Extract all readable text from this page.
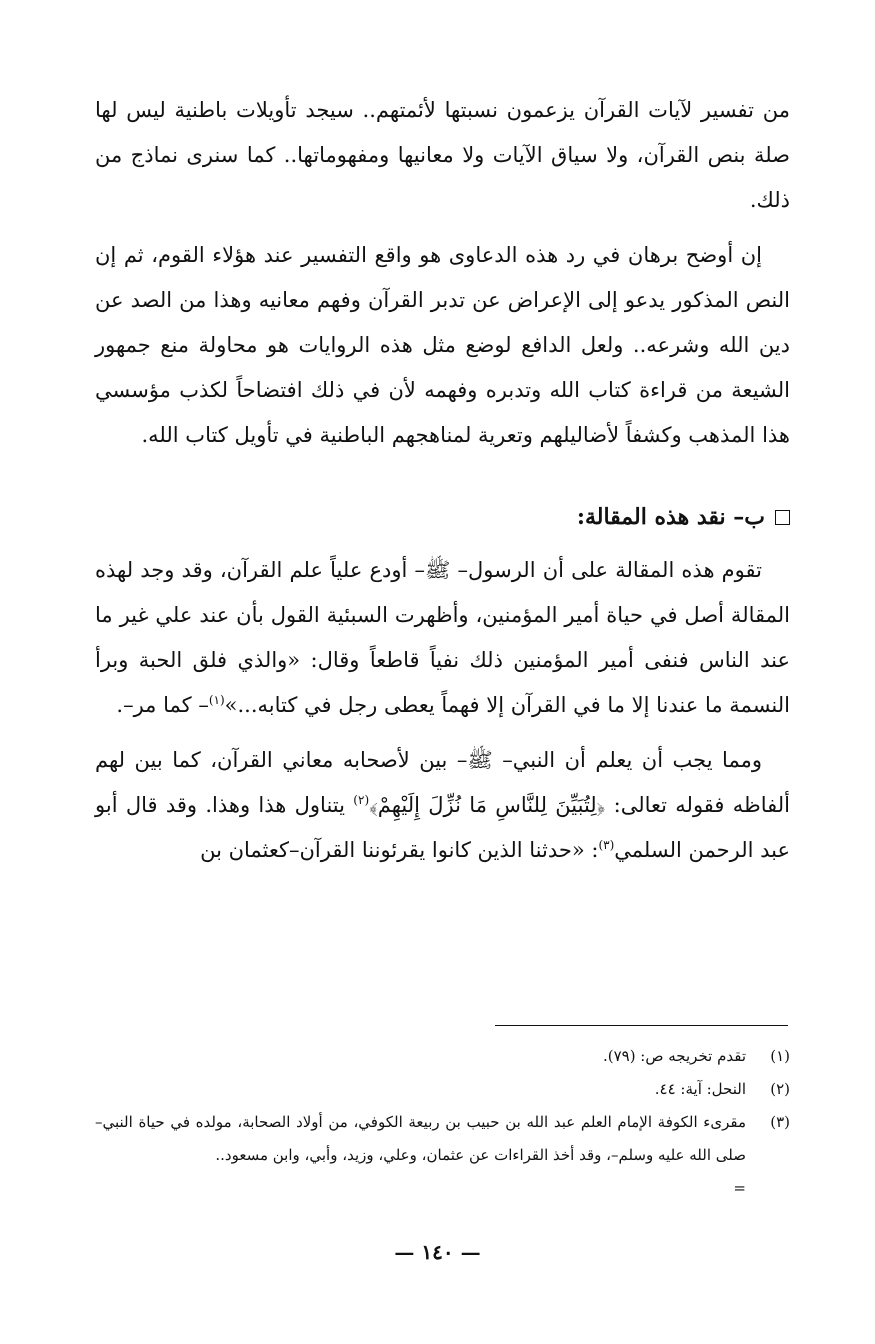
من تفسير لآيات القرآن يزعمون نسبتها لأئمتهم.. سيجد تأويلات باطنية ليس لها صلة بنص القرآن، ولا سياق الآيات ولا معانيها ومفهوماتها.. كما سنرى نماذج من ذلك.

إن أوضح برهان في رد هذه الدعاوى هو واقع التفسير عند هؤلاء القوم، ثم إن النص المذكور يدعو إلى الإعراض عن تدبر القرآن وفهم معانيه وهذا من الصد عن دين الله وشرعه.. ولعل الدافع لوضع مثل هذه الروايات هو محاولة منع جمهور الشيعة من قراءة كتاب الله وتدبره وفهمه لأن في ذلك افتضاحاً لكذب مؤسسي هذا المذهب وكشفاً لأضاليلهم وتعرية لمناهجهم الباطنية في تأويل كتاب الله.

ب– نقد هذه المقالة:

تقوم هذه المقالة على أن الرسول– ﷺ– أودع علياً علم القرآن، وقد وجد لهذه المقالة أصل في حياة أمير المؤمنين، وأظهرت السبئية القول بأن عند علي غير ما عند الناس فنفى أمير المؤمنين ذلك نفياً قاطعاً وقال: «والذي فلق الحبة وبرأ النسمة ما عندنا إلا ما في القرآن إلا فهماً يعطى رجل في كتابه...»$^{(١)}$– كما مر–.

ومما يجب أن يعلم أن النبي– ﷺ– بين لأصحابه معاني القرآن، كما بين لهم ألفاظه فقوله تعالى: ﴿لِتُبَيِّنَ لِلنَّاسِ مَا نُزِّلَ إِلَيْهِمْ﴾$^{(٢)}$ يتناول هذا وهذا. وقد قال أبو عبد الرحمن السلمي$^{(٣)}$: «حدثنا الذين كانوا يقرئوننا القرآن–كعثمان بن

(١)
تقدم تخريجه ص: (٧٩).
(٢)
النحل: آية: ٤٤.
(٣)
مقرىء الكوفة الإمام العلم عبد الله بن حبيب بن ربيعة الكوفي، من أولاد الصحابة، مولده في حياة النبي– صلى الله عليه وسلم–، وقد أخذ القراءات عن عثمان، وعلي، وزيد، وأبي، وابن مسعود..
=
— ١٤٠ —
